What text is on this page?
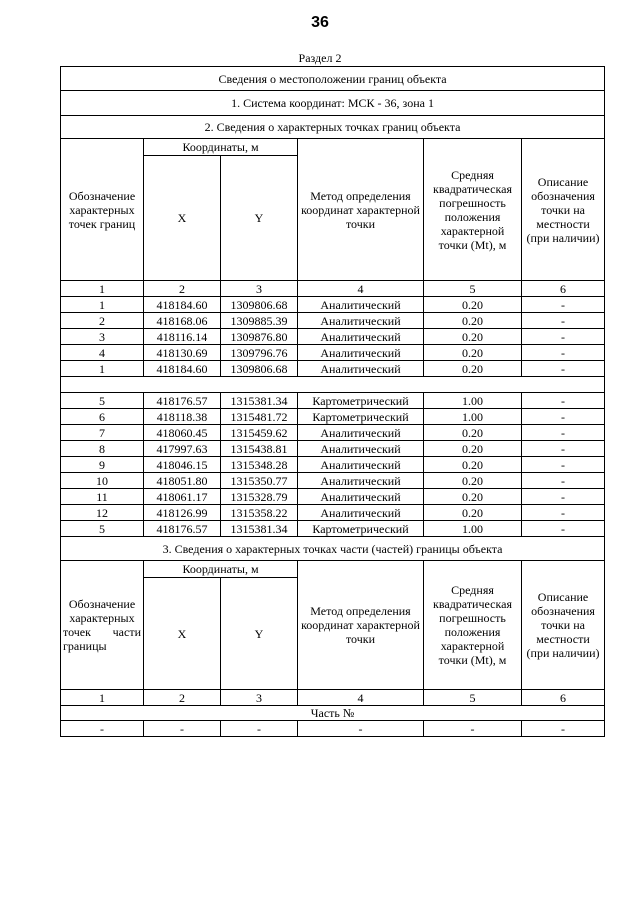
36
Раздел 2
Сведения о местоположении границ объекта					
1. Система координат: МСК - 36, зона 1					
2. Сведения о характерных точках границ объекта					
Обозначение характерных точек границ	Координаты, м		Метод определения координат характерной точки	Средняя квадратическая погрешность положения характерной точки (Mt), м	Описание обозначения точки на местности (при наличии)
	X	Y			
1	2	3	4	5	6
1	418184.60	1309806.68	Аналитический	0.20	-
2	418168.06	1309885.39	Аналитический	0.20	-
3	418116.14	1309876.80	Аналитический	0.20	-
4	418130.69	1309796.76	Аналитический	0.20	-
1	418184.60	1309806.68	Аналитический	0.20	-

5	418176.57	1315381.34	Картометрический	1.00	-
6	418118.38	1315481.72	Картометрический	1.00	-
7	418060.45	1315459.62	Аналитический	0.20	-
8	417997.63	1315438.81	Аналитический	0.20	-
9	418046.15	1315348.28	Аналитический	0.20	-
10	418051.80	1315350.77	Аналитический	0.20	-
11	418061.17	1315328.79	Аналитический	0.20	-
12	418126.99	1315358.22	Аналитический	0.20	-
5	418176.57	1315381.34	Картометрический	1.00	-
3. Сведения о характерных точках части (частей) границы объекта					
Обозначение характерных точек части
границы	Координаты, м		Метод определения координат характерной точки	Средняя квадратическая погрешность положения характерной точки (Mt), м	Описание обозначения точки на местности (при наличии)
	X	Y			
1	2	3	4	5	6
Часть №					
-	-	-	-	-	-
